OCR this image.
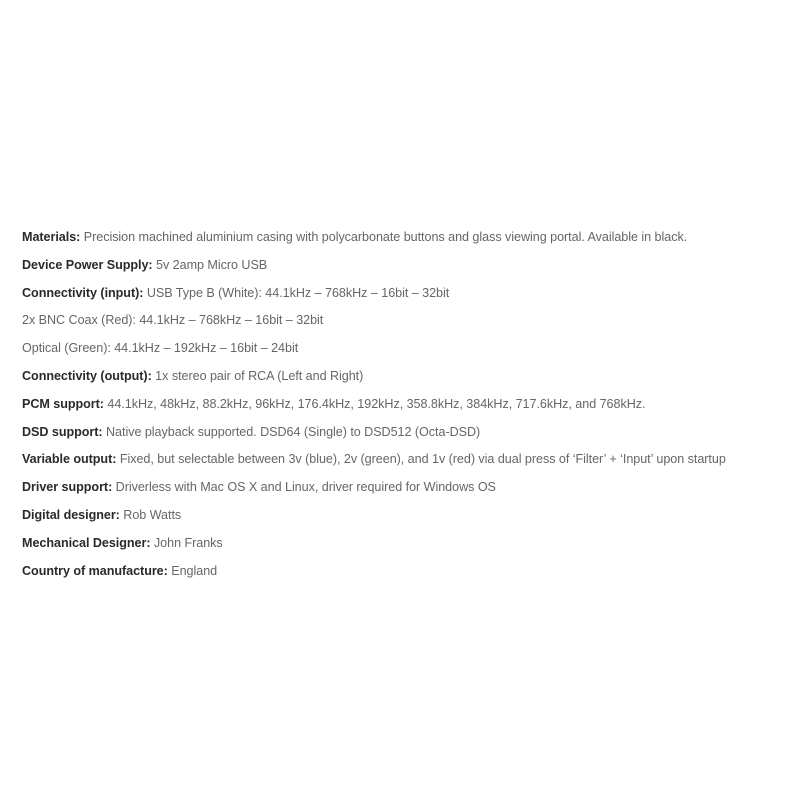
Materials: Precision machined aluminium casing with polycarbonate buttons and glass viewing portal. Available in black.
Device Power Supply: 5v 2amp Micro USB
Connectivity (input): USB Type B (White): 44.1kHz – 768kHz – 16bit – 32bit
2x BNC Coax (Red): 44.1kHz – 768kHz – 16bit – 32bit
Optical (Green): 44.1kHz – 192kHz – 16bit – 24bit
Connectivity (output): 1x stereo pair of RCA (Left and Right)
PCM support: 44.1kHz, 48kHz, 88.2kHz, 96kHz, 176.4kHz, 192kHz, 358.8kHz, 384kHz, 717.6kHz, and 768kHz.
DSD support: Native playback supported. DSD64 (Single) to DSD512 (Octa-DSD)
Variable output: Fixed, but selectable between 3v (blue), 2v (green), and 1v (red) via dual press of ‘Filter’ + ‘Input’ upon startup
Driver support: Driverless with Mac OS X and Linux, driver required for Windows OS
Digital designer: Rob Watts
Mechanical Designer: John Franks
Country of manufacture: England
